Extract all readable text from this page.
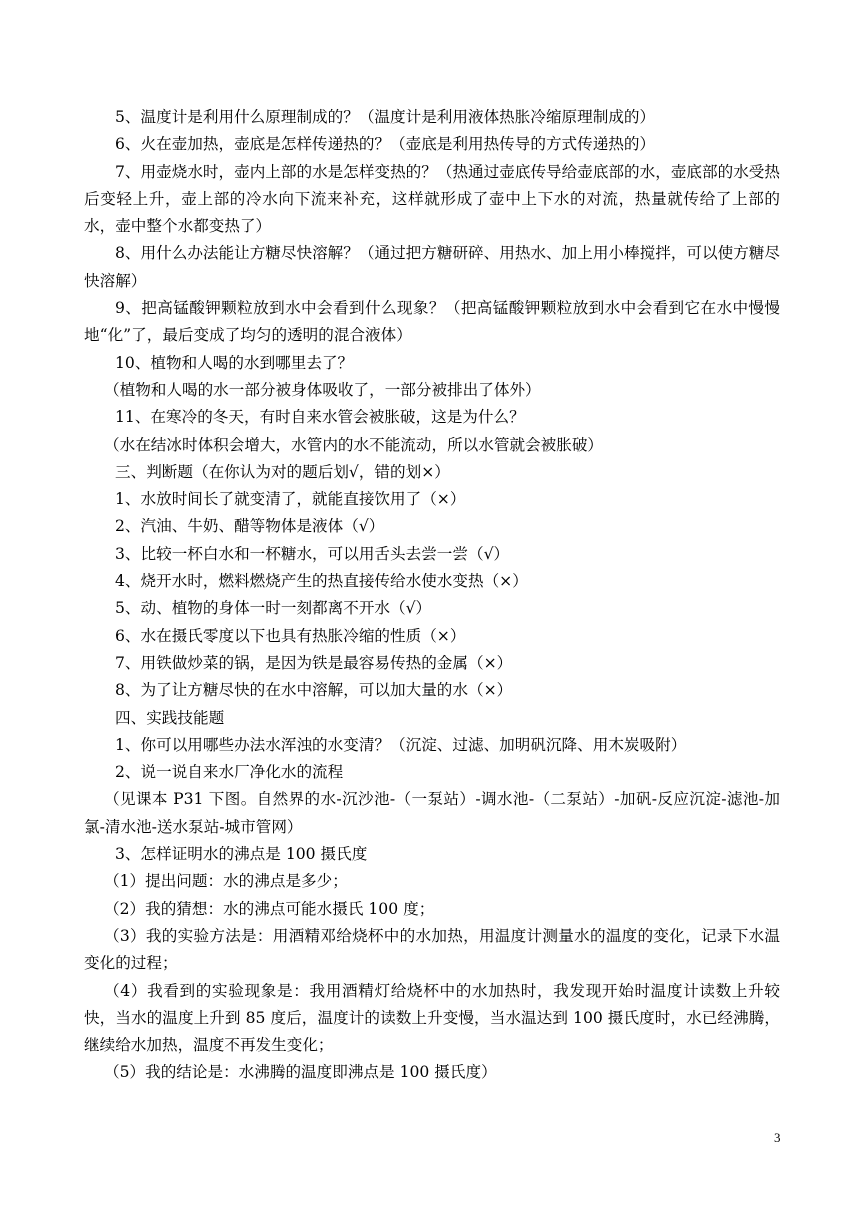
5、温度计是利用什么原理制成的？（温度计是利用液体热胀冷缩原理制成的）

6、火在壶加热，壶底是怎样传递热的？（壶底是利用热传导的方式传递热的）

7、用壶烧水时，壶内上部的水是怎样变热的？（热通过壶底传导给壶底部的水，壶底部的水受热后变轻上升，壶上部的冷水向下流来补充，这样就形成了壶中上下水的对流，热量就传给了上部的水，壶中整个水都变热了）

8、用什么办法能让方糖尽快溶解？（通过把方糖研碎、用热水、加上用小棒搅拌，可以使方糖尽快溶解）

9、把高锰酸钾颗粒放到水中会看到什么现象？（把高锰酸钾颗粒放到水中会看到它在水中慢慢地“化”了，最后变成了均匀的透明的混合液体）

10、植物和人喝的水到哪里去了？

（植物和人喝的水一部分被身体吸收了，一部分被排出了体外）

11、在寒冷的冬天，有时自来水管会被胀破，这是为什么？

（水在结冰时体积会增大，水管内的水不能流动，所以水管就会被胀破）

三、判断题（在你认为对的题后划√，错的划×）

1、水放时间长了就变清了，就能直接饮用了（×）

2、汽油、牛奶、醋等物体是液体（√）

3、比较一杯白水和一杯糖水，可以用舌头去尝一尝（√）

4、烧开水时，燃料燃烧产生的热直接传给水使水变热（×）

5、动、植物的身体一时一刻都离不开水（√）

6、水在摄氏零度以下也具有热胀冷缩的性质（×）

7、用铁做炒菜的锅，是因为铁是最容易传热的金属（×）

8、为了让方糖尽快的在水中溶解，可以加大量的水（×）

四、实践技能题

1、你可以用哪些办法水浑浊的水变清？（沉淀、过滤、加明矾沉降、用木炭吸附）

2、说一说自来水厂净化水的流程

（见课本 P31 下图。自然界的水-沉沙池-（一泵站）-调水池-（二泵站）-加矾-反应沉淀-滤池-加氯-清水池-送水泵站-城市管网）

3、怎样证明水的沸点是 100 摄氏度

（1）提出问题：水的沸点是多少；

（2）我的猜想：水的沸点可能水摄氏 100 度；

（3）我的实验方法是：用酒精邓给烧杯中的水加热，用温度计测量水的温度的变化，记录下水温变化的过程；

（4）我看到的实验现象是：我用酒精灯给烧杯中的水加热时，我发现开始时温度计读数上升较快，当水的温度上升到 85 度后，温度计的读数上升变慢，当水温达到 100 摄氏度时，水已经沸腾，继续给水加热，温度不再发生变化；

（5）我的结论是：水沸腾的温度即沸点是 100 摄氏度）

3
